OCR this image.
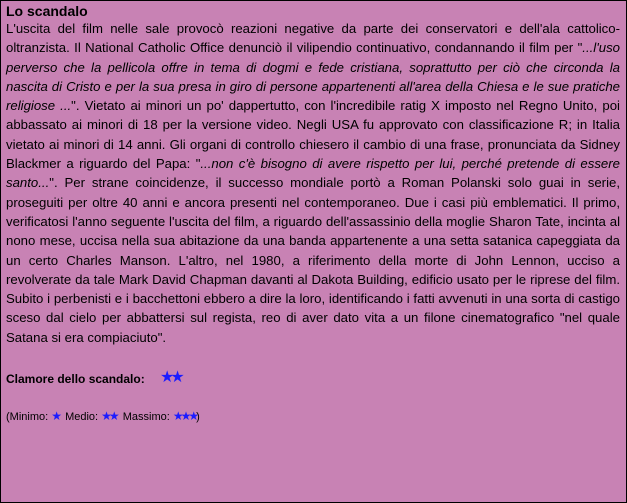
Lo scandalo

L'uscita del film nelle sale provocò reazioni negative da parte dei conservatori e dell'ala cattolico-oltranzista. Il National Catholic Office denunciò il vilipendio continuativo, condannando il film per "...l'uso perverso che la pellicola offre in tema di dogmi e fede cristiana, soprattutto per ciò che circonda la nascita di Cristo e per la sua presa in giro di persone appartenenti all'area della Chiesa e le sue pratiche religiose ...". Vietato ai minori un po' dappertutto, con l'incredibile ratig X imposto nel Regno Unito, poi abbassato ai minori di 18 per la versione video. Negli USA fu approvato con classificazione R; in Italia vietato ai minori di 14 anni. Gli organi di controllo chiesero il cambio di una frase, pronunciata da Sidney Blackmer a riguardo del Papa: "...non c'è bisogno di avere rispetto per lui, perché pretende di essere santo...". Per strane coincidenze, il successo mondiale portò a Roman Polanski solo guai in serie, proseguiti per oltre 40 anni e ancora presenti nel contemporaneo. Due i casi più emblematici. Il primo, verificatosi l'anno seguente l'uscita del film, a riguardo dell'assassinio della moglie Sharon Tate, incinta al nono mese, uccisa nella sua abitazione da una banda appartenente a una setta satanica capeggiata da un certo Charles Manson. L'altro, nel 1980, a riferimento della morte di John Lennon, ucciso a revolverate da tale Mark David Chapman davanti al Dakota Building, edificio usato per le riprese del film. Subito i perbenisti e i bacchettoni ebbero a dire la loro, identificando i fatti avvenuti in una sorta di castigo sceso dal cielo per abbattersi sul regista, reo di aver dato vita a un filone cinematografico "nel quale Satana si era compiaciuto".

Clamore dello scandalo: ★★
(Minimo: ★ Medio: ★★ Massimo: ★★★)
